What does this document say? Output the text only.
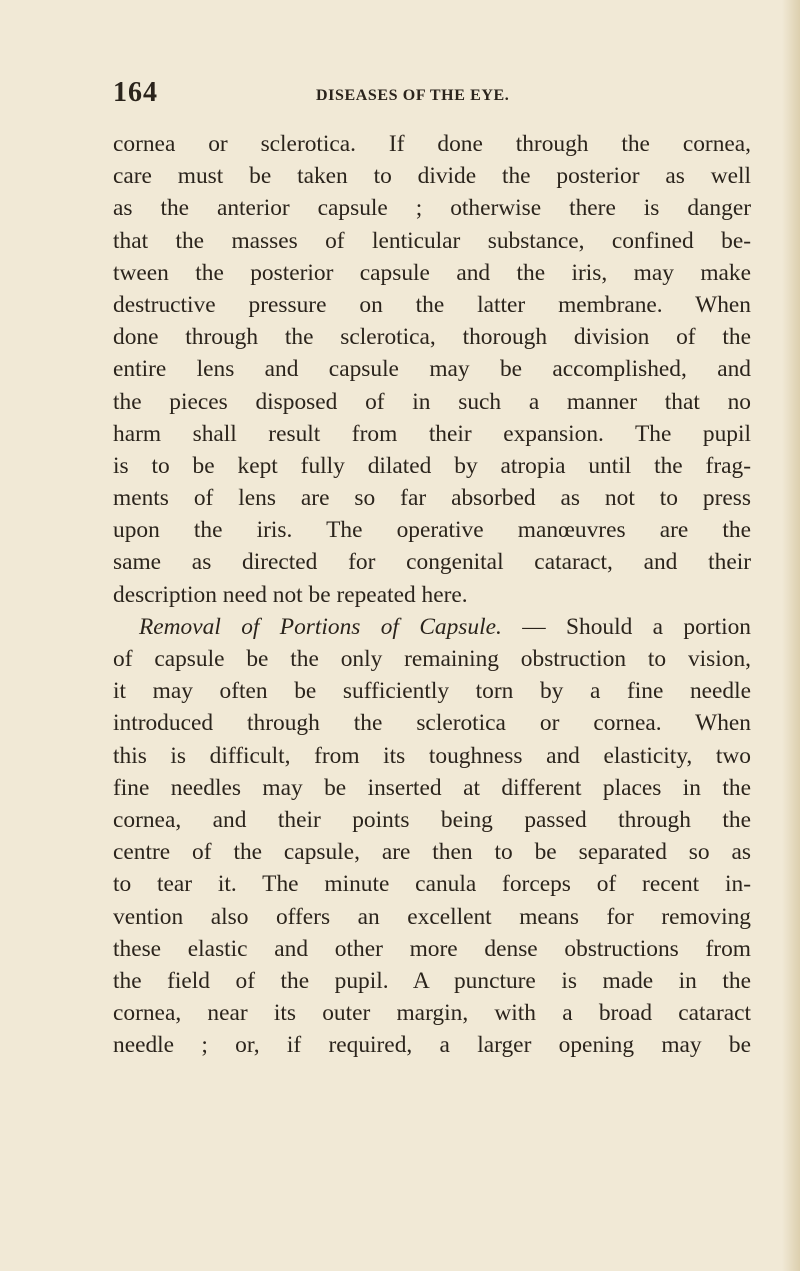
164	DISEASES OF THE EYE.
cornea or sclerotica. If done through the cornea,
care must be taken to divide the posterior as well
as the anterior capsule ; otherwise there is danger
that the masses of lenticular substance, confined be-
tween the posterior capsule and the iris, may make
destructive pressure on the latter membrane. When
done through the sclerotica, thorough division of the
entire lens and capsule may be accomplished, and
the pieces disposed of in such a manner that no
harm shall result from their expansion. The pupil
is to be kept fully dilated by atropia until the frag-
ments of lens are so far absorbed as not to press
upon the iris. The operative manœuvres are the
same as directed for congenital cataract, and their
description need not be repeated here.
Removal of Portions of Capsule. — Should a portion
of capsule be the only remaining obstruction to vision,
it may often be sufficiently torn by a fine needle
introduced through the sclerotica or cornea. When
this is difficult, from its toughness and elasticity, two
fine needles may be inserted at different places in the
cornea, and their points being passed through the
centre of the capsule, are then to be separated so as
to tear it. The minute canula forceps of recent in-
vention also offers an excellent means for removing
these elastic and other more dense obstructions from
the field of the pupil. A puncture is made in the
cornea, near its outer margin, with a broad cataract
needle ; or, if required, a larger opening may be
